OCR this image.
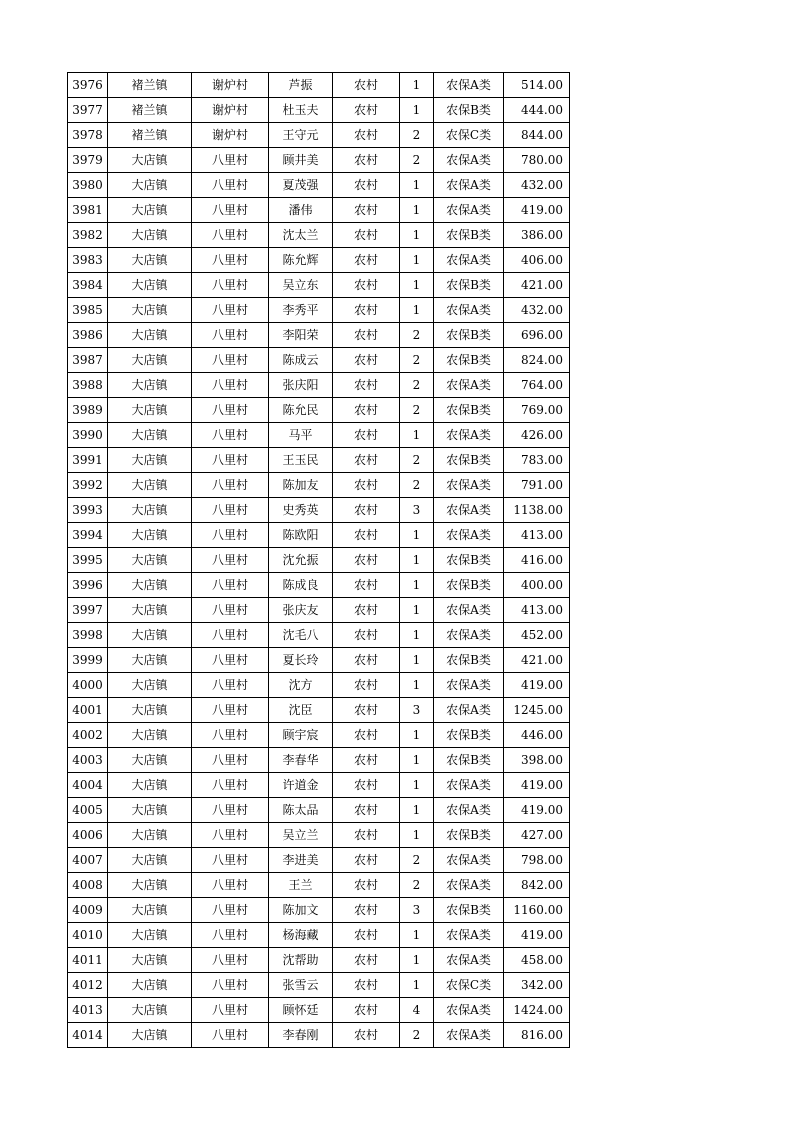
3976	褚兰镇	谢炉村	芦振	农村	1	农保A类	514.00
3977	褚兰镇	谢炉村	杜玉夫	农村	1	农保B类	444.00
3978	褚兰镇	谢炉村	王守元	农村	2	农保C类	844.00
3979	大店镇	八里村	顾井美	农村	2	农保A类	780.00
3980	大店镇	八里村	夏茂强	农村	1	农保A类	432.00
3981	大店镇	八里村	潘伟	农村	1	农保A类	419.00
3982	大店镇	八里村	沈太兰	农村	1	农保B类	386.00
3983	大店镇	八里村	陈允辉	农村	1	农保A类	406.00
3984	大店镇	八里村	吴立东	农村	1	农保B类	421.00
3985	大店镇	八里村	李秀平	农村	1	农保A类	432.00
3986	大店镇	八里村	李阳荣	农村	2	农保B类	696.00
3987	大店镇	八里村	陈成云	农村	2	农保B类	824.00
3988	大店镇	八里村	张庆阳	农村	2	农保A类	764.00
3989	大店镇	八里村	陈允民	农村	2	农保B类	769.00
3990	大店镇	八里村	马平	农村	1	农保A类	426.00
3991	大店镇	八里村	王玉民	农村	2	农保B类	783.00
3992	大店镇	八里村	陈加友	农村	2	农保A类	791.00
3993	大店镇	八里村	史秀英	农村	3	农保A类	1138.00
3994	大店镇	八里村	陈欧阳	农村	1	农保A类	413.00
3995	大店镇	八里村	沈允振	农村	1	农保B类	416.00
3996	大店镇	八里村	陈成良	农村	1	农保B类	400.00
3997	大店镇	八里村	张庆友	农村	1	农保A类	413.00
3998	大店镇	八里村	沈毛八	农村	1	农保A类	452.00
3999	大店镇	八里村	夏长玲	农村	1	农保B类	421.00
4000	大店镇	八里村	沈方	农村	1	农保A类	419.00
4001	大店镇	八里村	沈臣	农村	3	农保A类	1245.00
4002	大店镇	八里村	顾宇宸	农村	1	农保B类	446.00
4003	大店镇	八里村	李春华	农村	1	农保B类	398.00
4004	大店镇	八里村	许道金	农村	1	农保A类	419.00
4005	大店镇	八里村	陈太品	农村	1	农保A类	419.00
4006	大店镇	八里村	吴立兰	农村	1	农保B类	427.00
4007	大店镇	八里村	李进美	农村	2	农保A类	798.00
4008	大店镇	八里村	王兰	农村	2	农保A类	842.00
4009	大店镇	八里村	陈加文	农村	3	农保B类	1160.00
4010	大店镇	八里村	杨海藏	农村	1	农保A类	419.00
4011	大店镇	八里村	沈帮助	农村	1	农保A类	458.00
4012	大店镇	八里村	张雪云	农村	1	农保C类	342.00
4013	大店镇	八里村	顾怀廷	农村	4	农保A类	1424.00
4014	大店镇	八里村	李春刚	农村	2	农保A类	816.00
